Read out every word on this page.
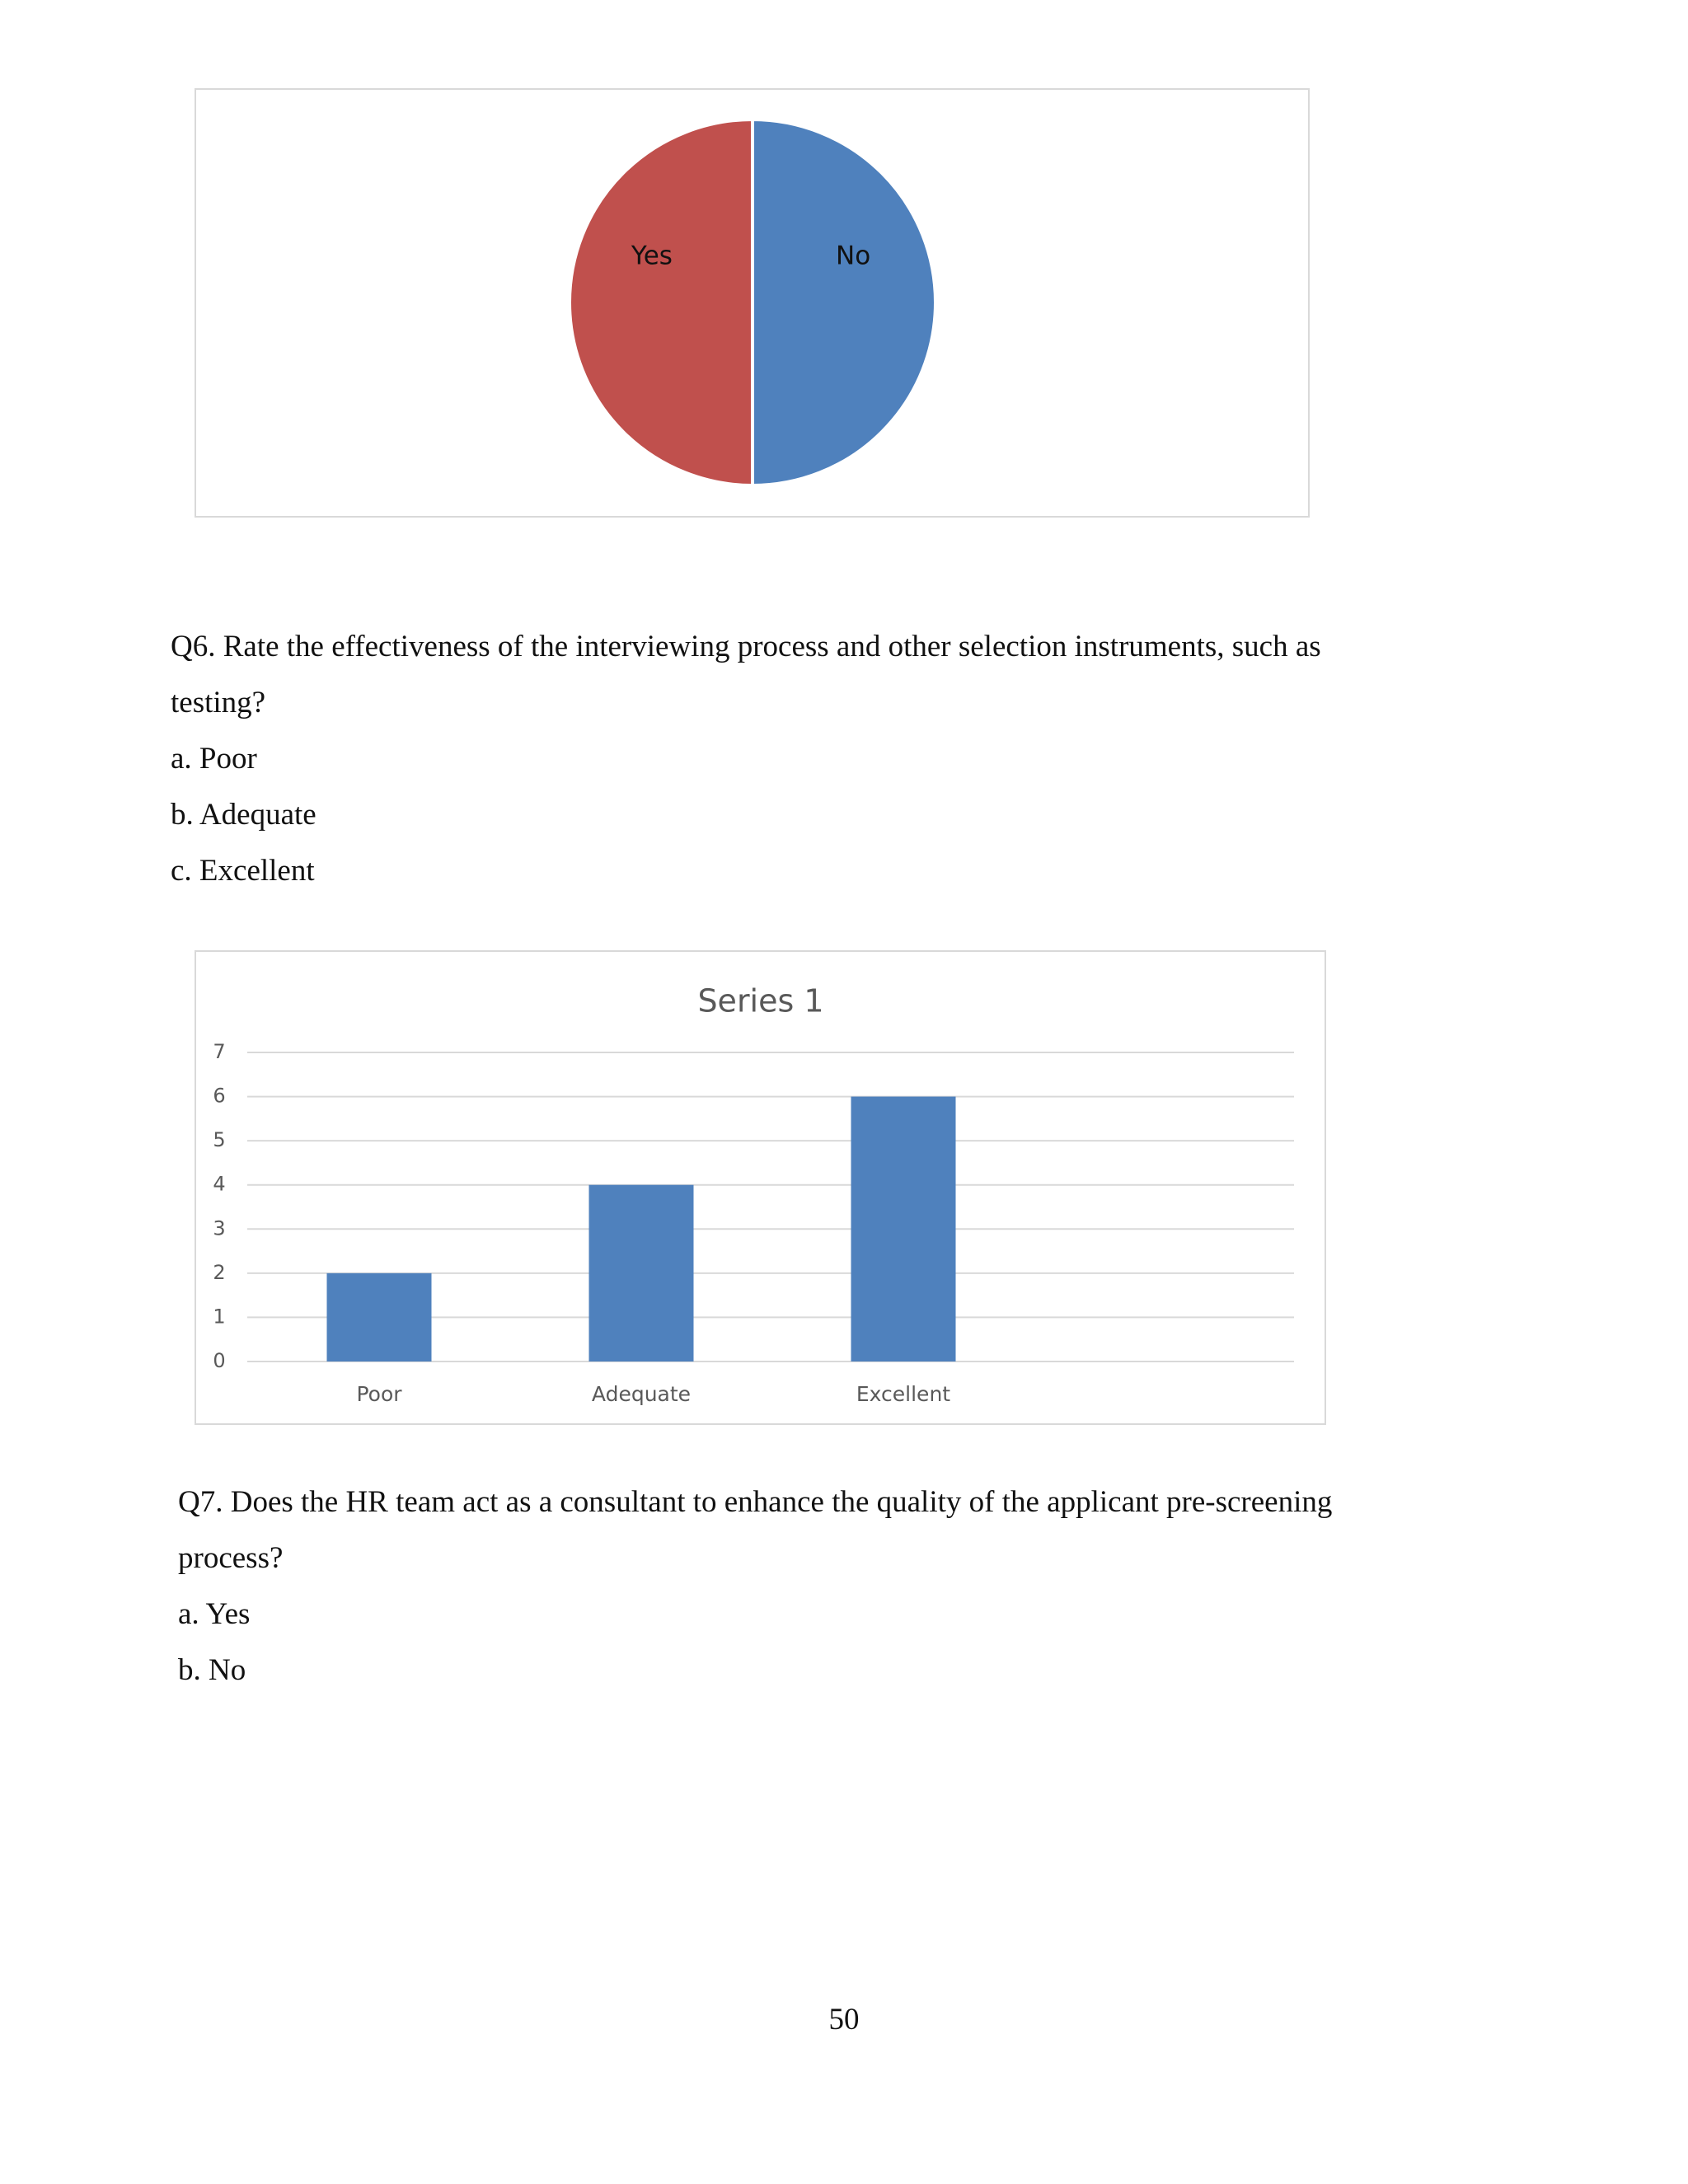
No
Yes

Q6. Rate the effectiveness of the interviewing process and other selection instruments, such as

testing?

a. Poor

b. Adequate

c. Excellent

Series 1
0
1
2
3
4
5
6
7
Poor	Adequate	Excellent

Q7. Does the HR team act as a consultant to enhance the quality of the applicant pre-screening

process?

a. Yes

b. No

50
